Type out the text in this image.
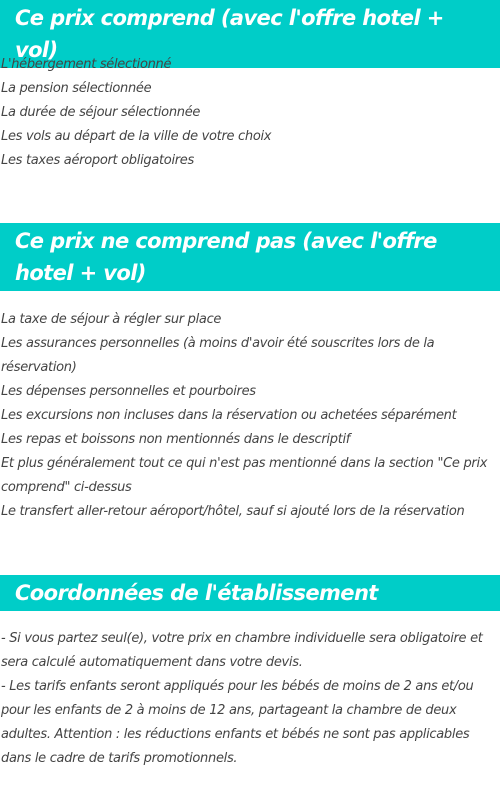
Ce prix comprend (avec l'offre hotel + vol)
L'hébergement sélectionné
La pension sélectionnée
La durée de séjour sélectionnée
Les vols au départ de la ville de votre choix
Les taxes aéroport obligatoires
Ce prix ne comprend pas (avec l'offre hotel + vol)
La taxe de séjour à régler sur place
Les assurances personnelles (à moins d'avoir été souscrites lors de la réservation)
Les dépenses personnelles et pourboires
Les excursions non incluses dans la réservation ou achetées séparément
Les repas et boissons non mentionnés dans le descriptif
Et plus généralement tout ce qui n'est pas mentionné dans la section "Ce prix comprend" ci-dessus
Le transfert aller-retour aéroport/hôtel, sauf si ajouté lors de la réservation
Coordonnées de l'établissement
- Si vous partez seul(e), votre prix en chambre individuelle sera obligatoire et sera calculé automatiquement dans votre devis.
- Les tarifs enfants seront appliqués pour les bébés de moins de 2 ans et/ou pour les enfants de 2 à moins de 12 ans, partageant la chambre de deux adultes. Attention : les réductions enfants et bébés ne sont pas applicables dans le cadre de tarifs promotionnels.
